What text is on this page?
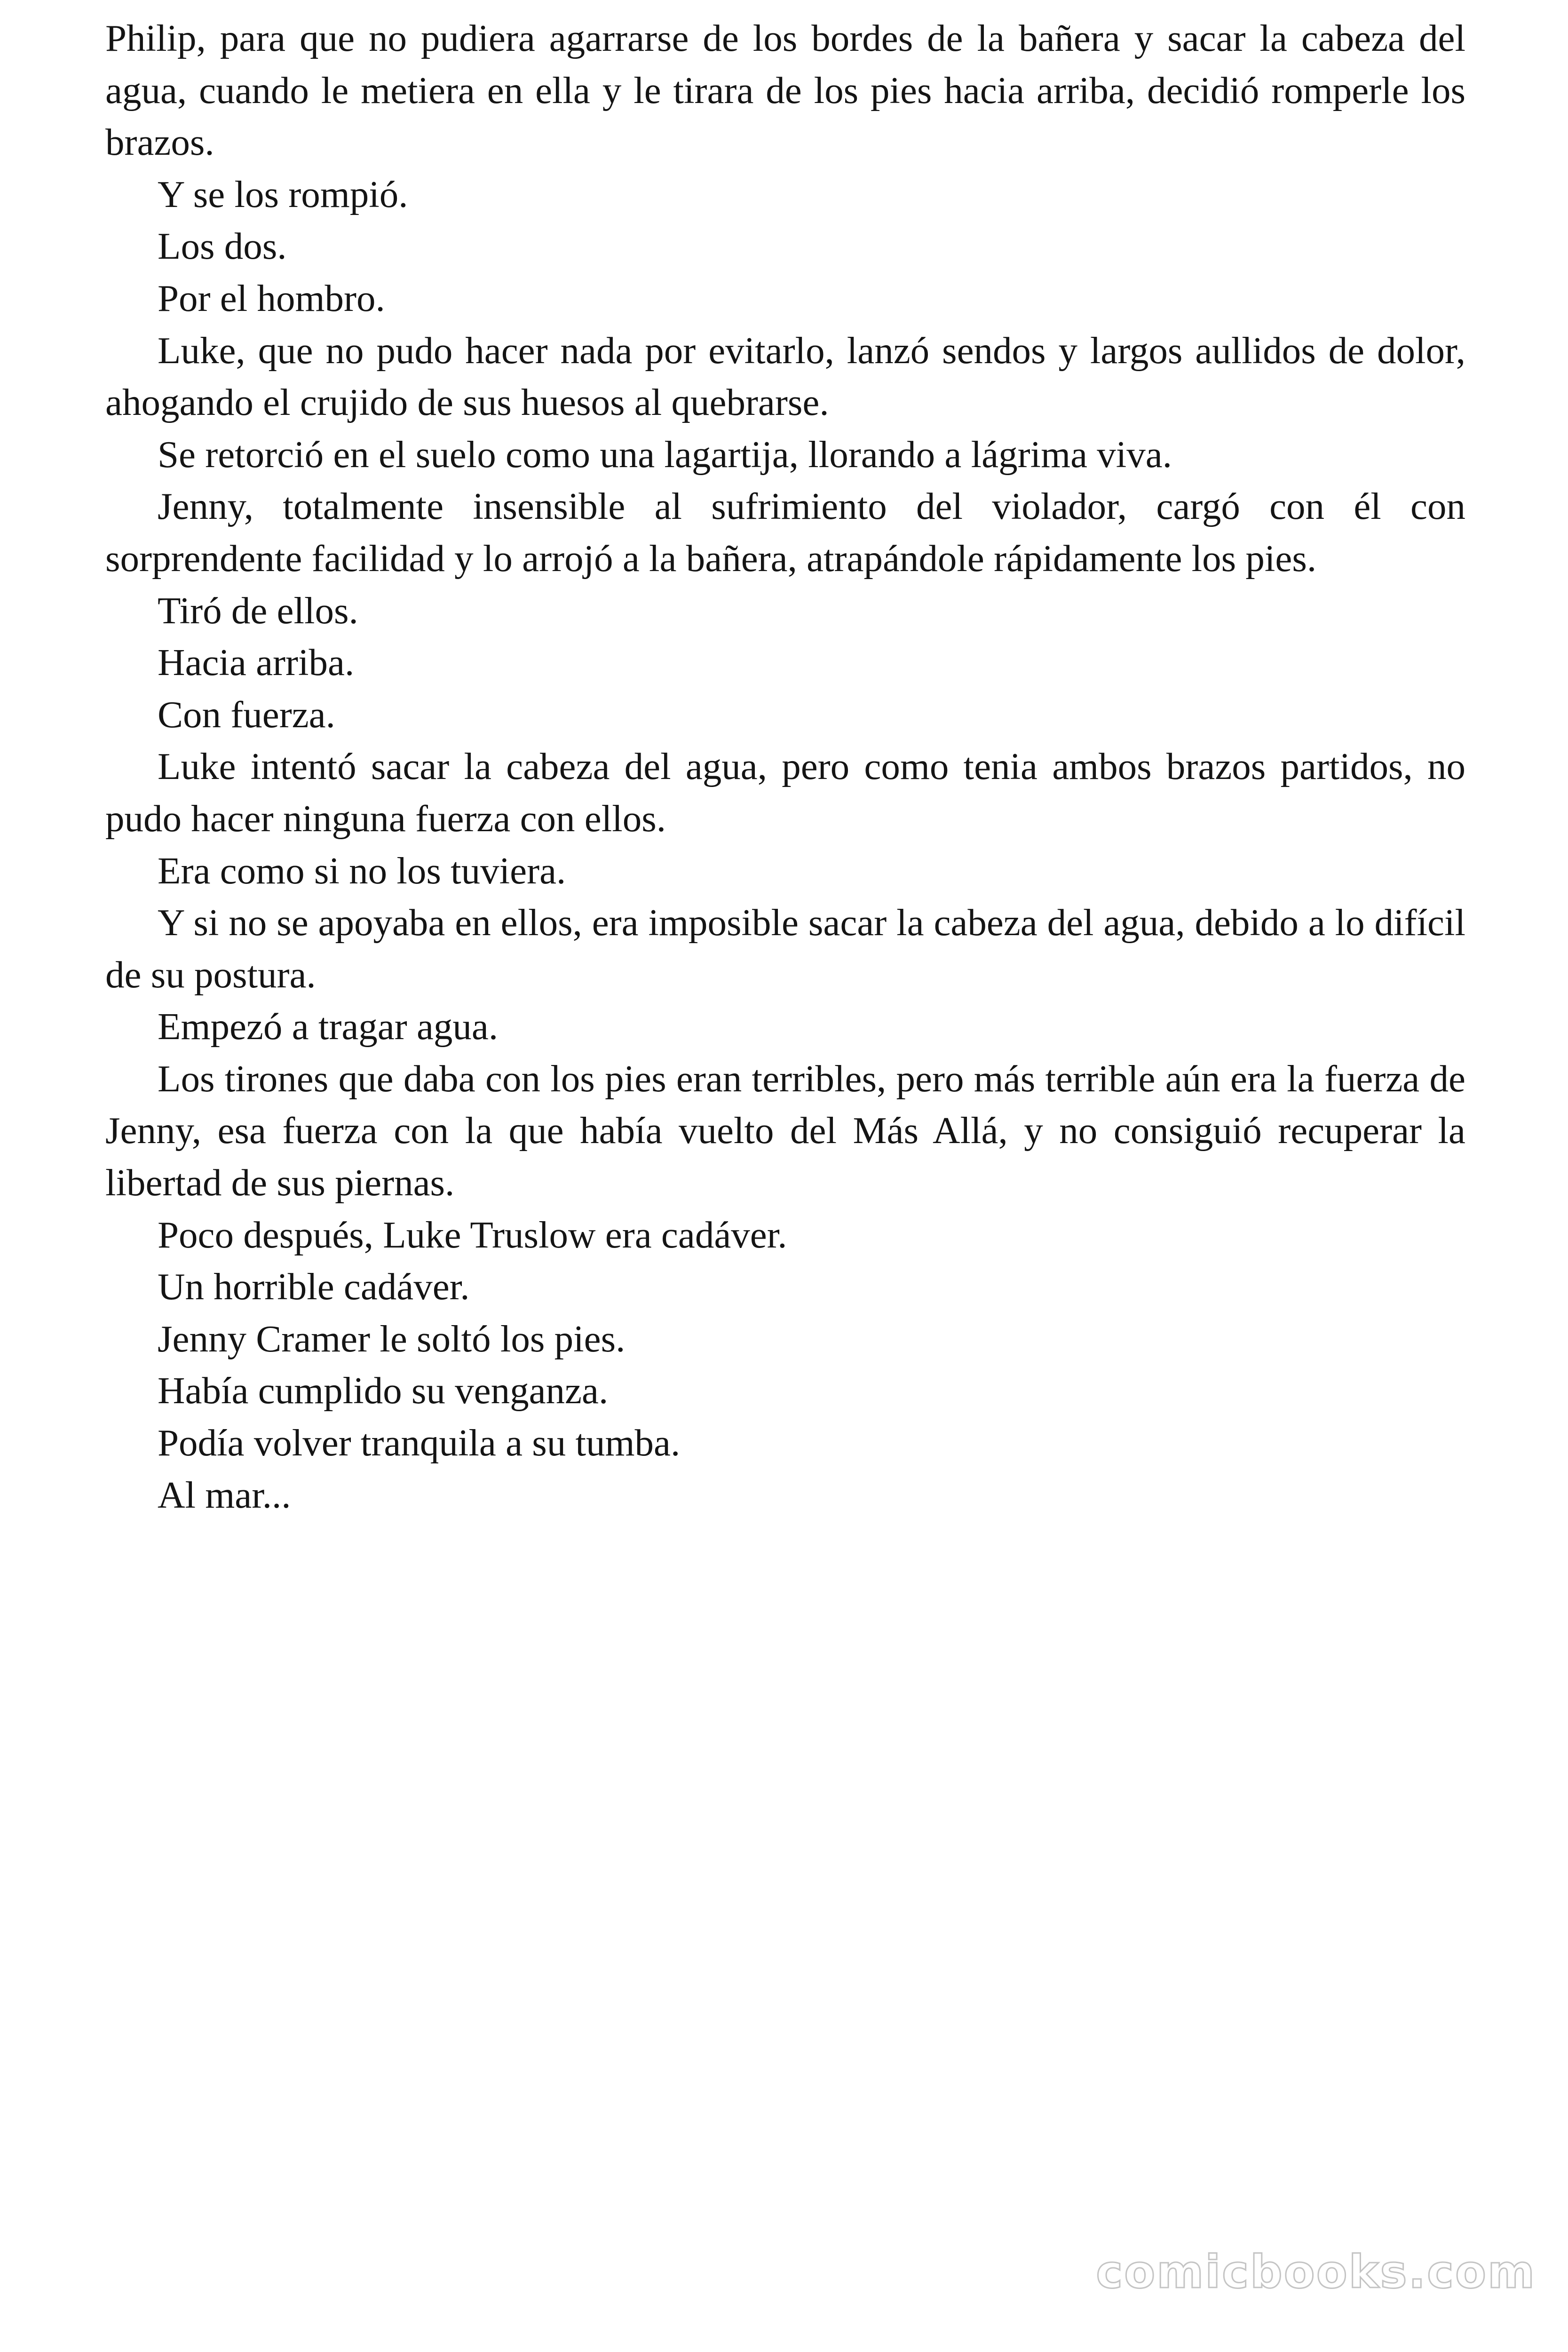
Philip, para que no pudiera agarrarse de los bordes de la bañera y sacar la cabeza del agua, cuando le metiera en ella y le tirara de los pies hacia arriba, decidió romperle los brazos.

Y se los rompió.

Los dos.

Por el hombro.

Luke, que no pudo hacer nada por evitarlo, lanzó sendos y largos aullidos de dolor, ahogando el crujido de sus huesos al quebrarse.

Se retorció en el suelo como una lagartija, llorando a lágrima viva.

Jenny, totalmente insensible al sufrimiento del violador, cargó con él con sorprendente facilidad y lo arrojó a la bañera, atrapándole rápidamente los pies.

Tiró de ellos.

Hacia arriba.

Con fuerza.

Luke intentó sacar la cabeza del agua, pero como tenia ambos brazos partidos, no pudo hacer ninguna fuerza con ellos.

Era como si no los tuviera.

Y si no se apoyaba en ellos, era imposible sacar la cabeza del agua, debido a lo difícil de su postura.

Empezó a tragar agua.

Los tirones que daba con los pies eran terribles, pero más terrible aún era la fuerza de Jenny, esa fuerza con la que había vuelto del Más Allá, y no consiguió recuperar la libertad de sus piernas.

Poco después, Luke Truslow era cadáver.

Un horrible cadáver.

Jenny Cramer le soltó los pies.

Había cumplido su venganza.

Podía volver tranquila a su tumba.

Al mar...

comicbooks.com
